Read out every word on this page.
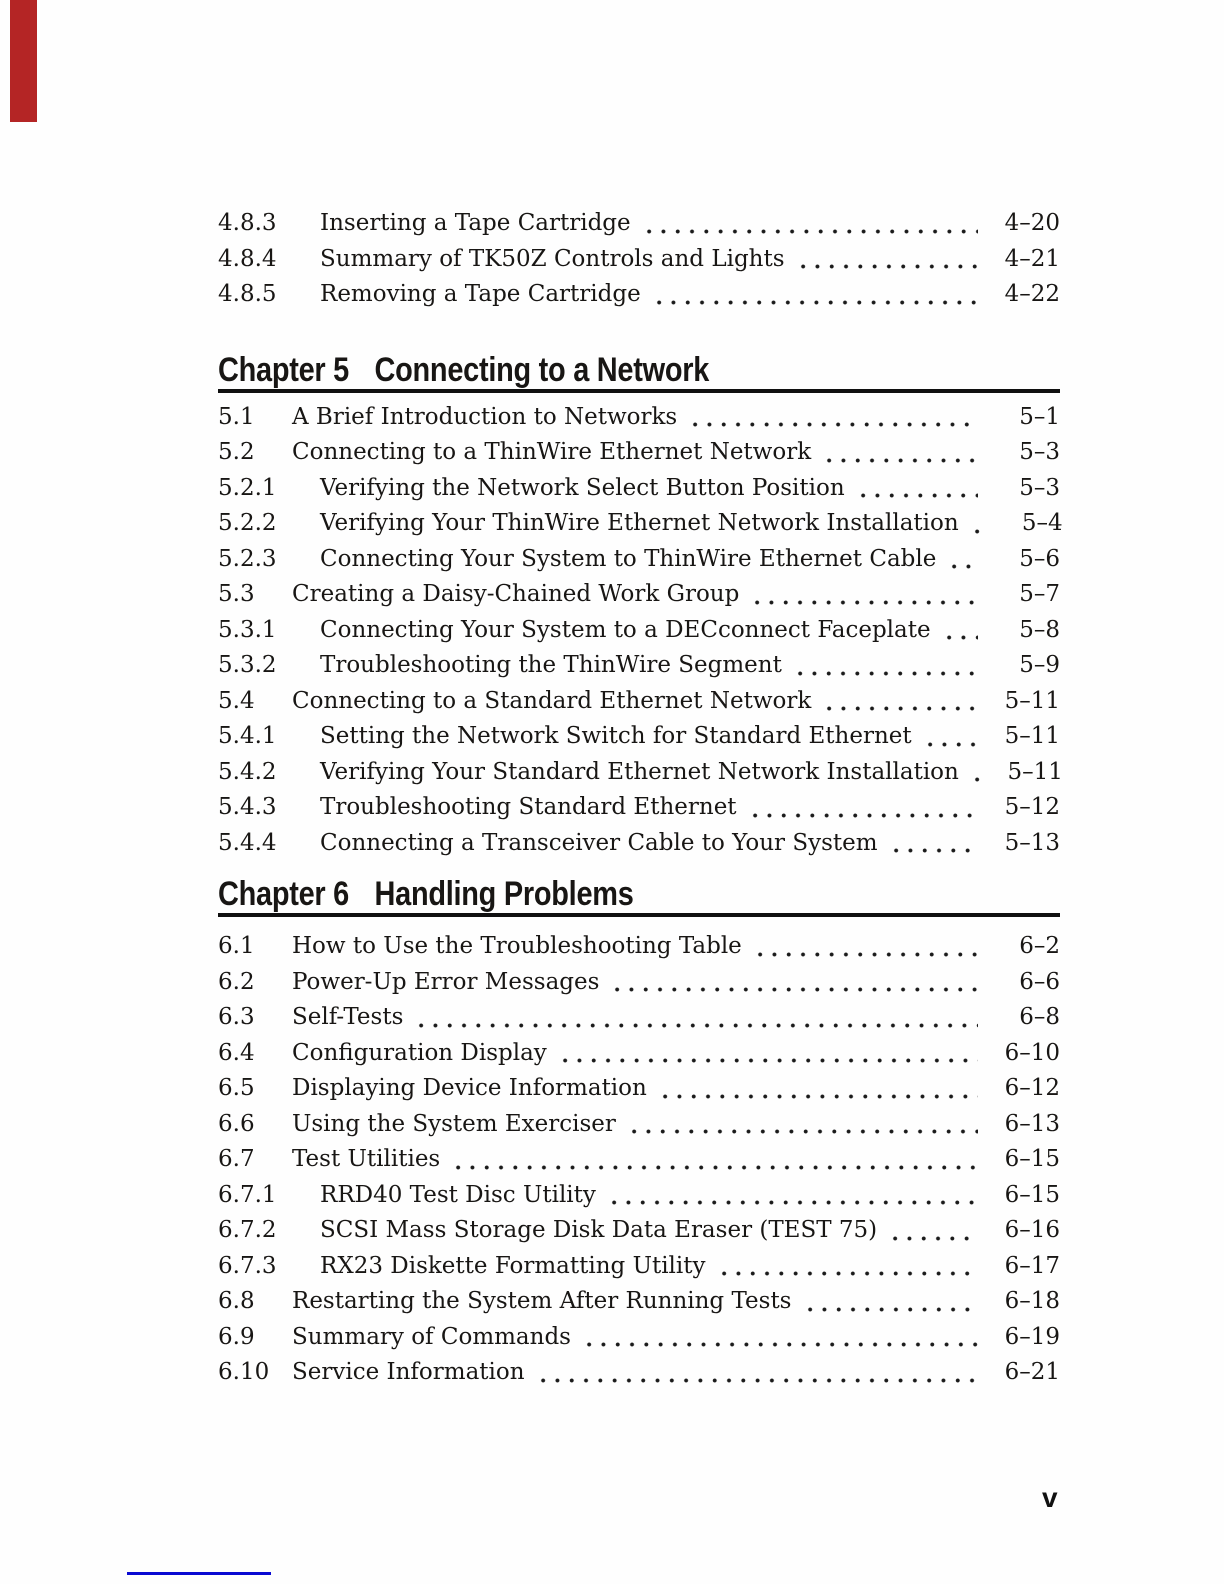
4.8.3	Inserting a Tape Cartridge	4–20
4.8.4	Summary of TK50Z Controls and Lights	4–21
4.8.5	Removing a Tape Cartridge	4–22
Chapter 5 Connecting to a Network
5.1	A Brief Introduction to Networks	5–1
5.2	Connecting to a ThinWire Ethernet Network	5–3
5.2.1	Verifying the Network Select Button Position	5–3
5.2.2	Verifying Your ThinWire Ethernet Network Installation	5–4
5.2.3	Connecting Your System to ThinWire Ethernet Cable	5–6
5.3	Creating a Daisy-Chained Work Group	5–7
5.3.1	Connecting Your System to a DECconnect Faceplate	5–8
5.3.2	Troubleshooting the ThinWire Segment	5–9
5.4	Connecting to a Standard Ethernet Network	5–11
5.4.1	Setting the Network Switch for Standard Ethernet	5–11
5.4.2	Verifying Your Standard Ethernet Network Installation	5–11
5.4.3	Troubleshooting Standard Ethernet	5–12
5.4.4	Connecting a Transceiver Cable to Your System	5–13
Chapter 6 Handling Problems
6.1	How to Use the Troubleshooting Table	6–2
6.2	Power-Up Error Messages	6–6
6.3	Self-Tests	6–8
6.4	Configuration Display	6–10
6.5	Displaying Device Information	6–12
6.6	Using the System Exerciser	6–13
6.7	Test Utilities	6–15
6.7.1	RRD40 Test Disc Utility	6–15
6.7.2	SCSI Mass Storage Disk Data Eraser (TEST 75)	6–16
6.7.3	RX23 Diskette Formatting Utility	6–17
6.8	Restarting the System After Running Tests	6–18
6.9	Summary of Commands	6–19
6.10 Service Information	6–21
v
